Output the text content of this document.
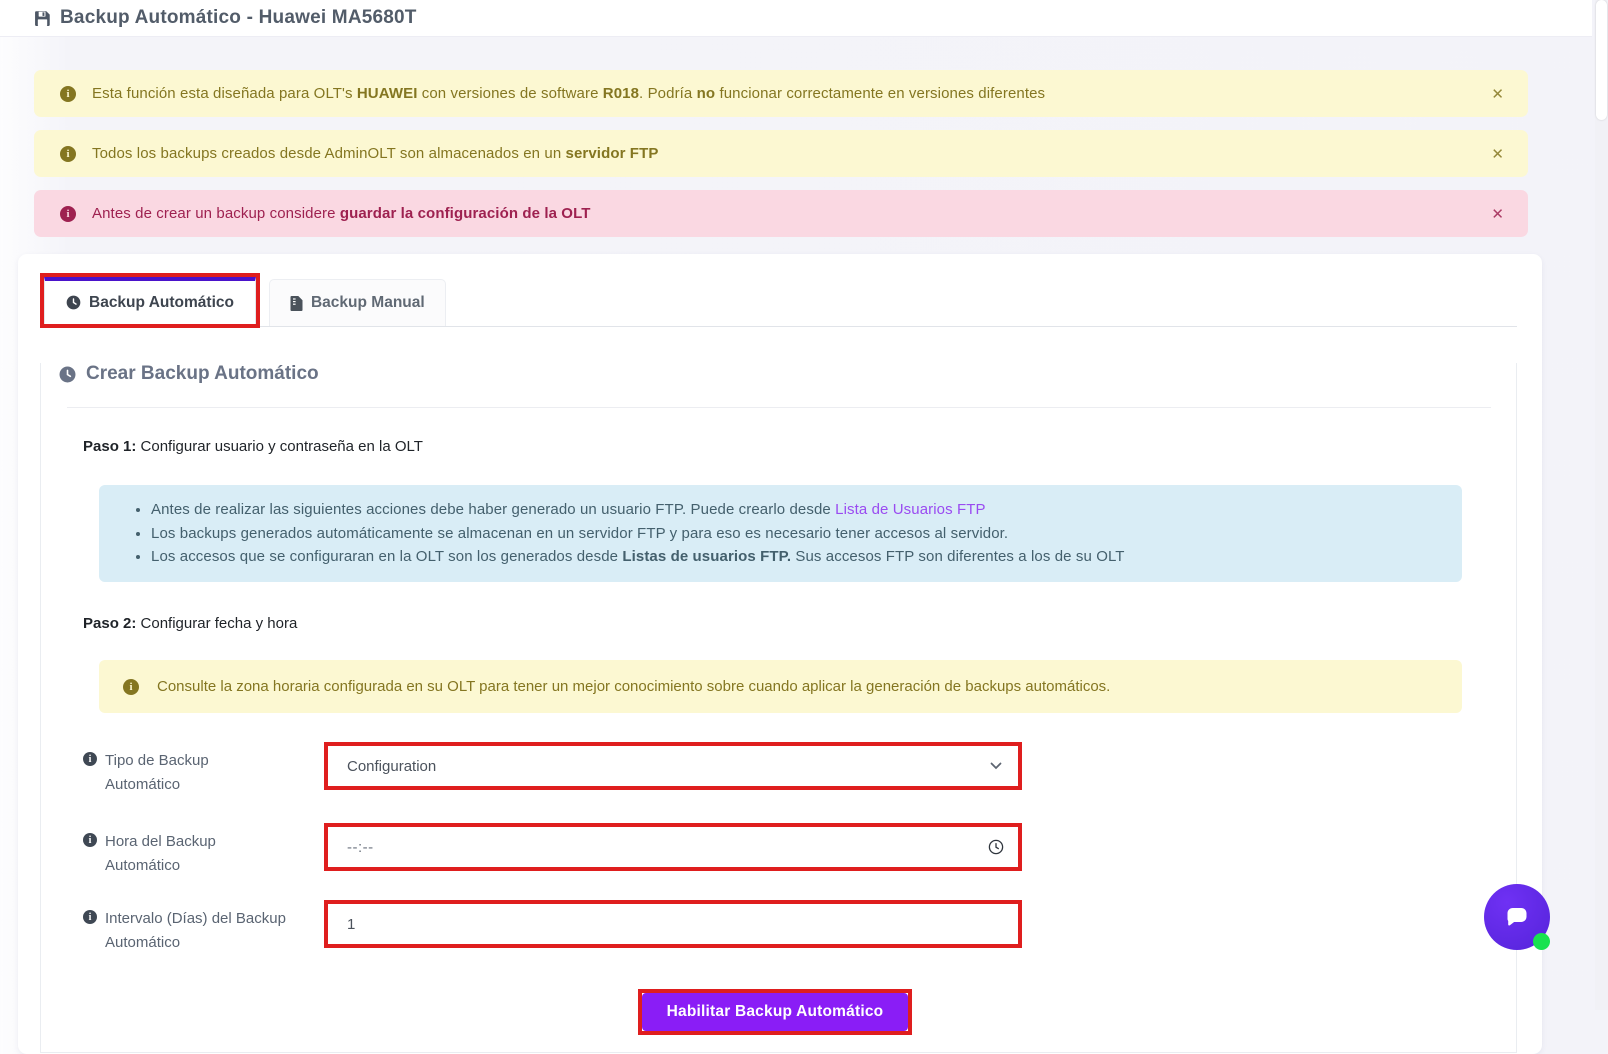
Backup Automático - Huawei MA5680T
i
Esta función esta diseñada para OLT's HUAWEI con versiones de software R018. Podría no funcionar correctamente en versiones diferentes	✕
i
Todos los backups creados desde AdminOLT son almacenados en un servidor FTP	✕
i
Antes de crear un backup considere guardar la configuración de la OLT	✕
Backup Automático	Backup Manual
Crear Backup Automático

Paso 1: Configurar usuario y contraseña en la OLT

• Antes de realizar las siguientes acciones debe haber generado un usuario FTP. Puede crearlo desde Lista de Usuarios FTP
• Los backups generados automáticamente se almacenan en un servidor FTP y para eso es necesario tener accesos al servidor.
• Los accesos que se configuraran en la OLT son los generados desde Listas de usuarios FTP. Sus accesos FTP son diferentes a los de su OLT

Paso 2: Configurar fecha y hora

i
Consulte la zona horaria configurada en su OLT para tener un mejor conocimiento sobre cuando aplicar la generación de backups automáticos.
i
Tipo de Backup Automático
Configuration
i
Hora del Backup Automático
--:--
i
Intervalo (Días) del Backup Automático
1
Habilitar Backup Automático
